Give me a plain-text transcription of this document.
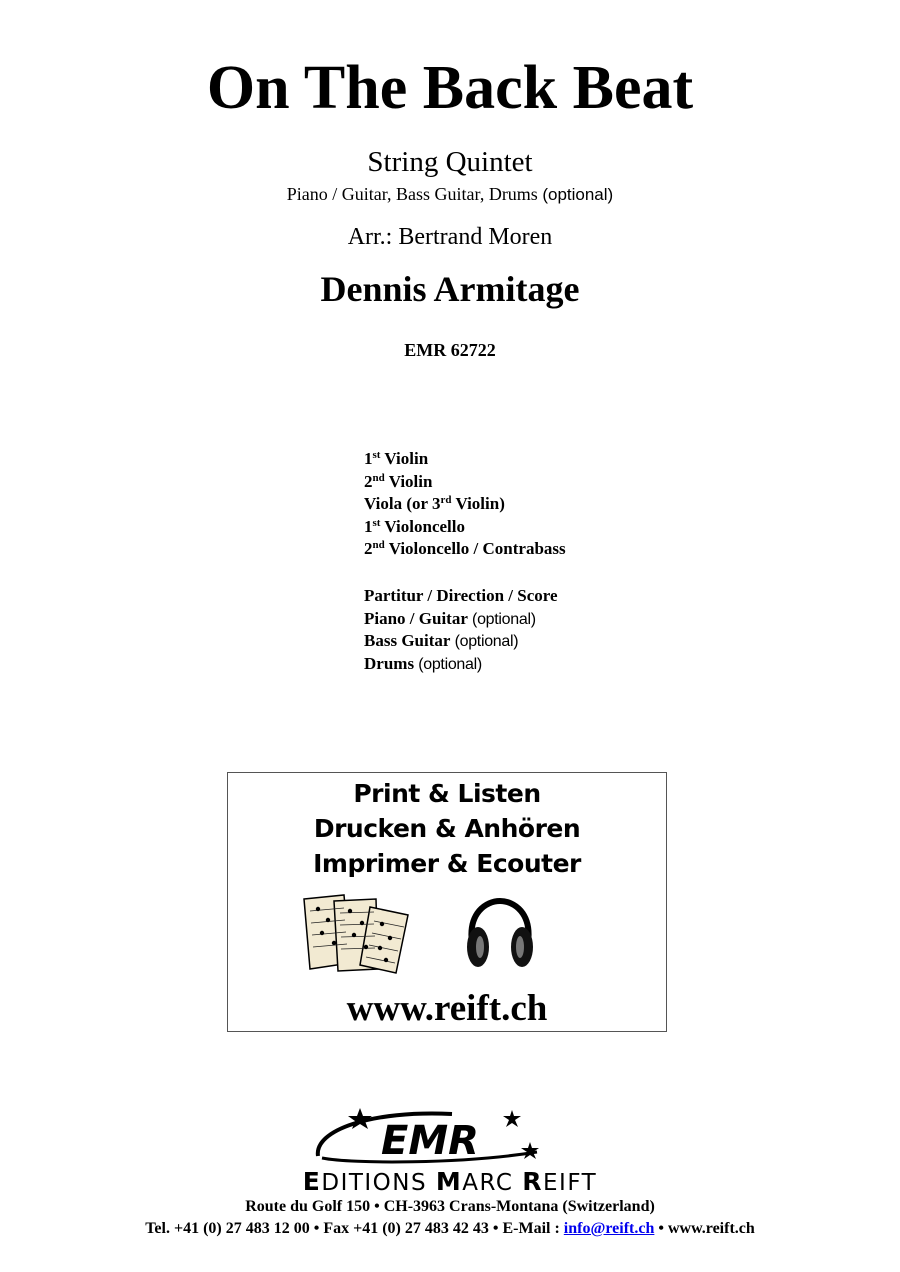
On The Back Beat
String Quintet
Piano / Guitar, Bass Guitar, Drums (optional)
Arr.: Bertrand Moren
Dennis Armitage
EMR 62722
1st Violin
2nd Violin
Viola (or 3rd Violin)
1st Violoncello
2nd Violoncello / Contrabass
Partitur / Direction / Score
Piano / Guitar (optional)
Bass Guitar (optional)
Drums (optional)
Print & Listen
Drucken & Anhören
Imprimer & Ecouter
www.reift.ch
EMR
EDITIONS MARC REIFT
Route du Golf 150 • CH-3963 Crans-Montana (Switzerland)
Tel. +41 (0) 27 483 12 00 • Fax +41 (0) 27 483 42 43 • E-Mail : info@reift.ch • www.reift.ch
